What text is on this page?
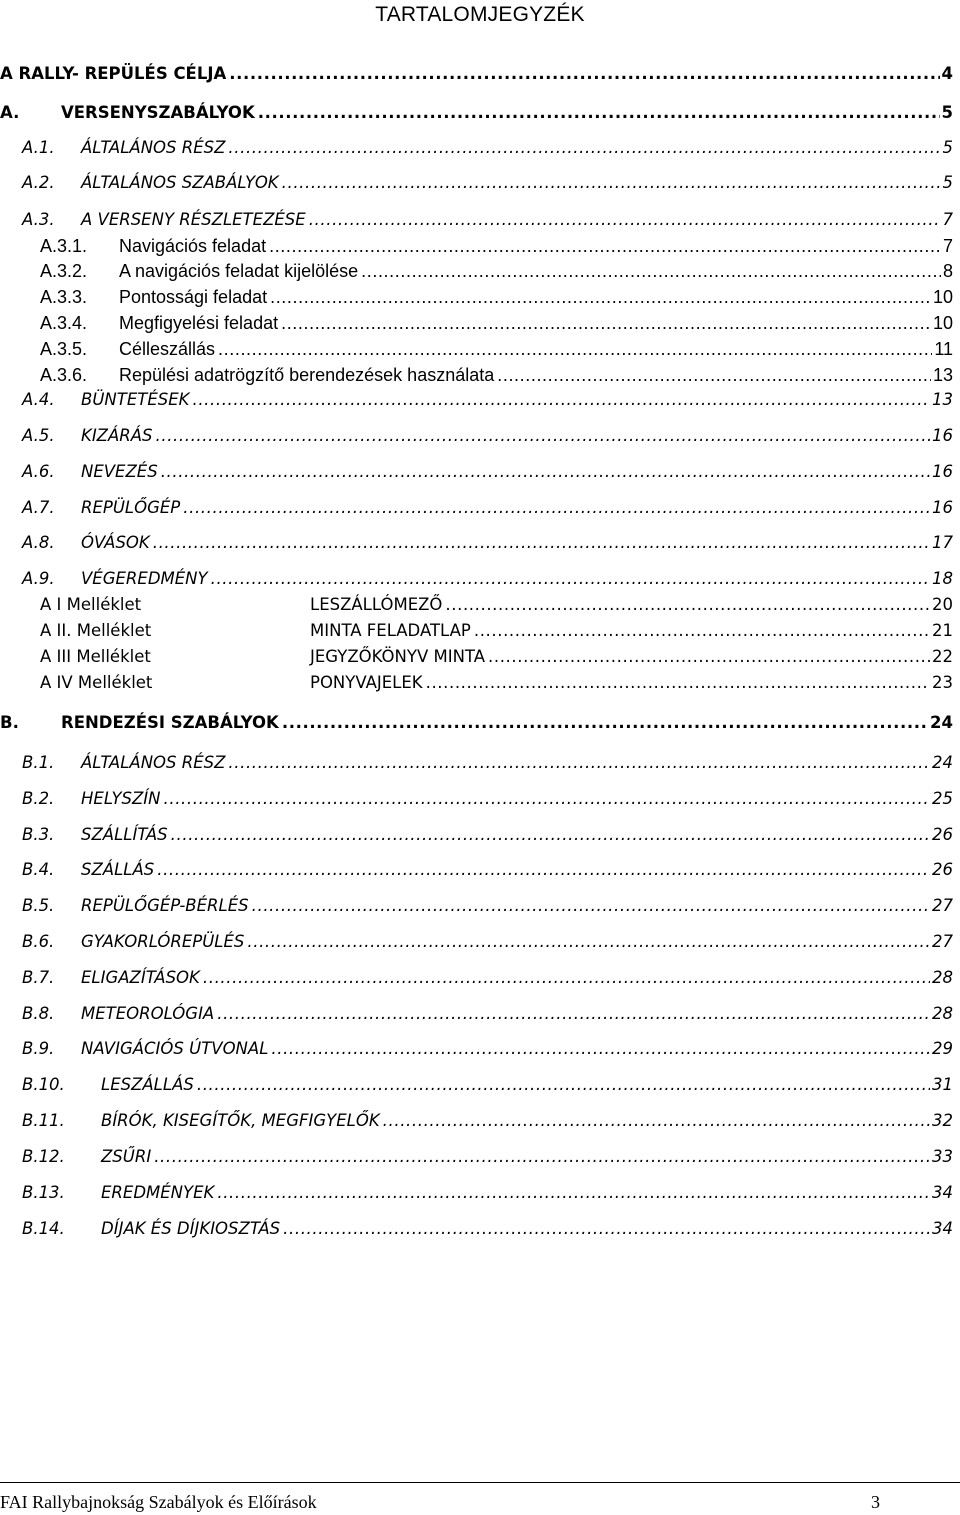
TARTALOMJEGYZÉK
A RALLY- REPÜLÉS CÉLJA .....	4
A.	VERSENYSZABÁLYOK .....	5
A.1.	ÁLTALÁNOS RÉSZ .....	5
A.2.	ÁLTALÁNOS SZABÁLYOK .....	5
A.3.	A VERSENY RÉSZLETEZÉSE .....	7
A.3.1.	Navigációs feladat .....	7
A.3.2.	A navigációs feladat kijelölése .....	8
A.3.3.	Pontossági feladat .....	10
A.3.4.	Megfigyelési feladat .....	10
A.3.5.	Célleszállás .....	11
A.3.6.	Repülési adatrögzítő berendezések használata .....	13
A.4.	BÜNTETÉSEK .....	13
A.5.	KIZÁRÁS .....	16
A.6.	NEVEZÉS .....	16
A.7.	REPÜLŐGÉP .....	16
A.8.	ÓVÁSOK .....	17
A.9.	VÉGEREDMÉNY .....	18
A I Melléklet	LESZÁLLÓMEZŐ .....	20
A II. Melléklet	MINTA FELADATLAP .....	21
A III Melléklet	JEGYZŐKÖNYV MINTA .....	22
A IV Melléklet	PONYVAJELEK .....	23
B.	RENDEZÉSI SZABÁLYOK .....	24
B.1.	ÁLTALÁNOS RÉSZ .....	24
B.2.	HELYSZÍN .....	25
B.3.	SZÁLLÍTÁS .....	26
B.4.	SZÁLLÁS .....	26
B.5.	REPÜLŐGÉP-BÉRLÉS .....	27
B.6.	GYAKORLÓREPÜLÉS .....	27
B.7.	ELIGAZÍTÁSOK .....	28
B.8.	METEOROLÓGIA .....	28
B.9.	NAVIGÁCIÓS ÚTVONAL .....	29
B.10.	LESZÁLLÁS .....	31
B.11.	BÍRÓK, KISEGÍTŐK, MEGFIGYELŐK .....	32
B.12.	ZSŰRI .....	33
B.13.	EREDMÉNYEK .....	34
B.14.	DÍJAK ÉS DÍJKIOSZTÁS .....	34
FAI Rallybajnokság Szabályok és Előírások	3
